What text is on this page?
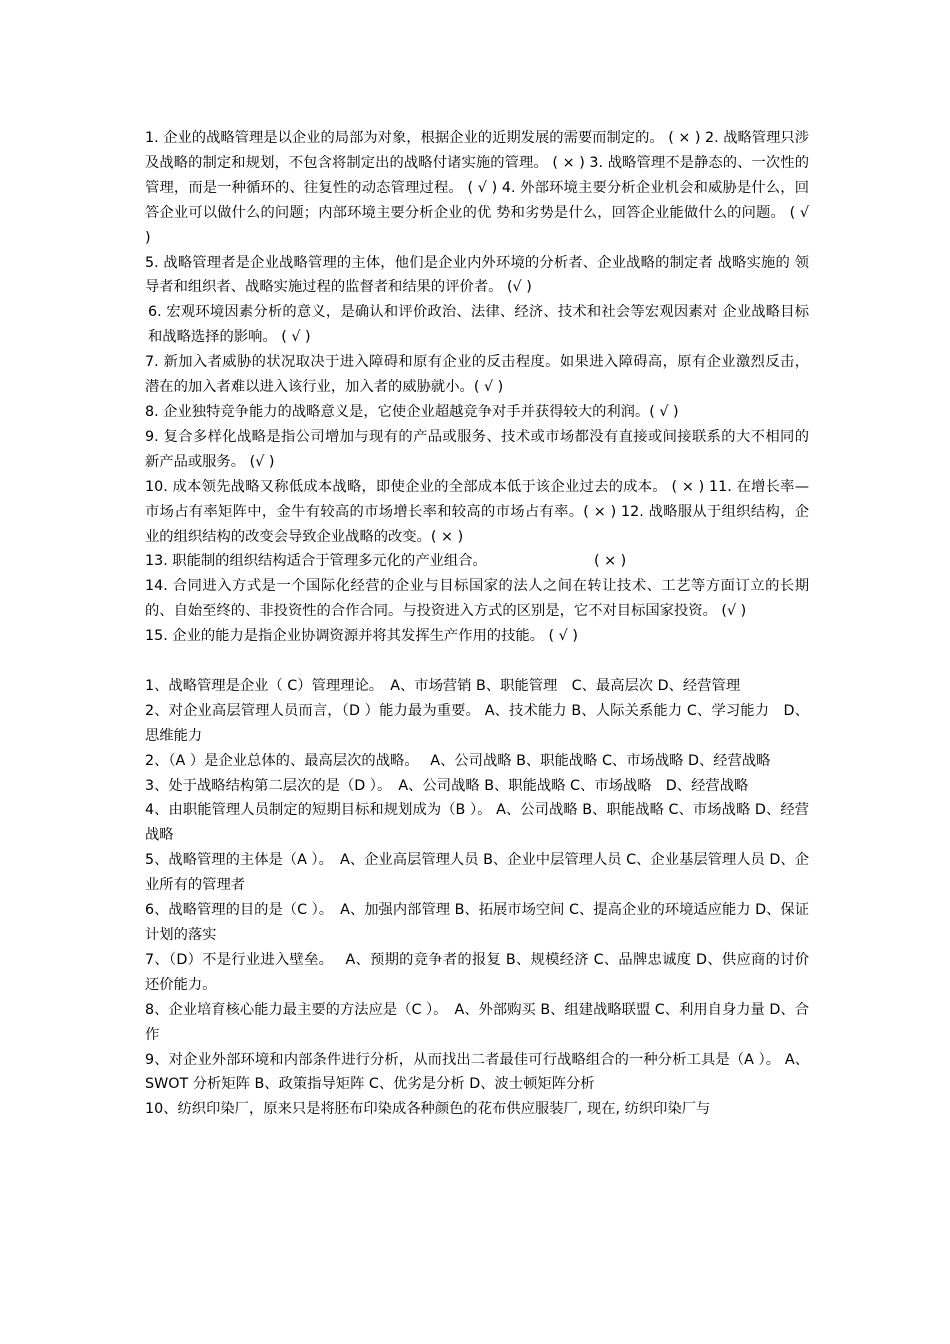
1. 企业的战略管理是以企业的局部为对象，根据企业的近期发展的需要而制定的。 ( × ) 2. 战略管理只涉及战略的制定和规划，不包含将制定出的战略付诸实施的管理。 ( × ) 3. 战略管理不是静态的、一次性的管理，而是一种循环的、往复性的动态管理过程。 ( √ ) 4. 外部环境主要分析企业机会和威胁是什么，回答企业可以做什么的问题；内部环境主要分析企业的优 势和劣势是什么，回答企业能做什么的问题。 ( √ )

5. 战略管理者是企业战略管理的主体，他们是企业内外环境的分析者、企业战略的制定者 战略实施的 领导者和组织者、战略实施过程的监督者和结果的评价者。 (√ )

6. 宏观环境因素分析的意义，是确认和评价政治、法律、经济、技术和社会等宏观因素对 企业战略目标 和战略选择的影响。 ( √ )

7. 新加入者威胁的状况取决于进入障碍和原有企业的反击程度。如果进入障碍高，原有企业激烈反击， 潜在的加入者难以进入该行业，加入者的威胁就小。( √ )

8. 企业独特竞争能力的战略意义是，它使企业超越竞争对手并获得较大的利润。( √ )

9. 复合多样化战略是指公司增加与现有的产品或服务、技术或市场都没有直接或间接联系的大不相同的 新产品或服务。 (√ )

10. 成本领先战略又称低成本战略，即使企业的全部成本低于该企业过去的成本。 ( × ) 11. 在增长率—市场占有率矩阵中，金牛有较高的市场增长率和较高的市场占有率。( × ) 12. 战略服从于组织结构，企业的组织结构的改变会导致企业战略的改变。( × )

13. 职能制的组织结构适合于管理多元化的产业组合。　　　　　　　　( × )

14. 合同进入方式是一个国际化经营的企业与目标国家的法人之间在转让技术、工艺等方面订立的长期 的、自始至终的、非投资性的合作合同。与投资进入方式的区别是，它不对目标国家投资。 (√ )

15. 企业的能力是指企业协调资源并将其发挥生产作用的技能。 ( √ )

1、战略管理是企业（ C）管理理论。　A、市场营销 B、职能管理　C、最高层次 D、经营管理

2、对企业高层管理人员而言，（D ）能力最为重要。 A、技术能力 B、人际关系能力 C、学习能力　D、思维能力

2、（A ）是企业总体的、最高层次的战略。　 A、公司战略 B、职能战略 C、市场战略 D、经营战略

3、处于战略结构第二层次的是（D ）。　A、公司战略 B、职能战略 C、市场战略　D、经营战略

4、由职能管理人员制定的短期目标和规划成为（B ）。 A、公司战略 B、职能战略 C、市场战略 D、经营战略

5、战略管理的主体是（A ）。　A、企业高层管理人员 B、企业中层管理人员 C、企业基层管理人员 D、企业所有的管理者

6、战略管理的目的是（C ）。　A、加强内部管理 B、拓展市场空间 C、提高企业的环境适应能力 D、保证计划的落实

7、（D）不是行业进入壁垒。　 A、预期的竞争者的报复 B、规模经济 C、品牌忠诚度 D、供应商的讨价还价能力。

8、企业培育核心能力最主要的方法应是（C ）。　A、外部购买 B、组建战略联盟 C、利用自身力量 D、合作

9、对企业外部环境和内部条件进行分析，从而找出二者最佳可行战略组合的一种分析工具是（A ）。 A、SWOT 分析矩阵 B、政策指导矩阵 C、优劣是分析 D、波士顿矩阵分析

10、纺织印染厂，原来只是将胚布印染成各种颜色的花布供应服装厂, 现在, 纺织印染厂与
